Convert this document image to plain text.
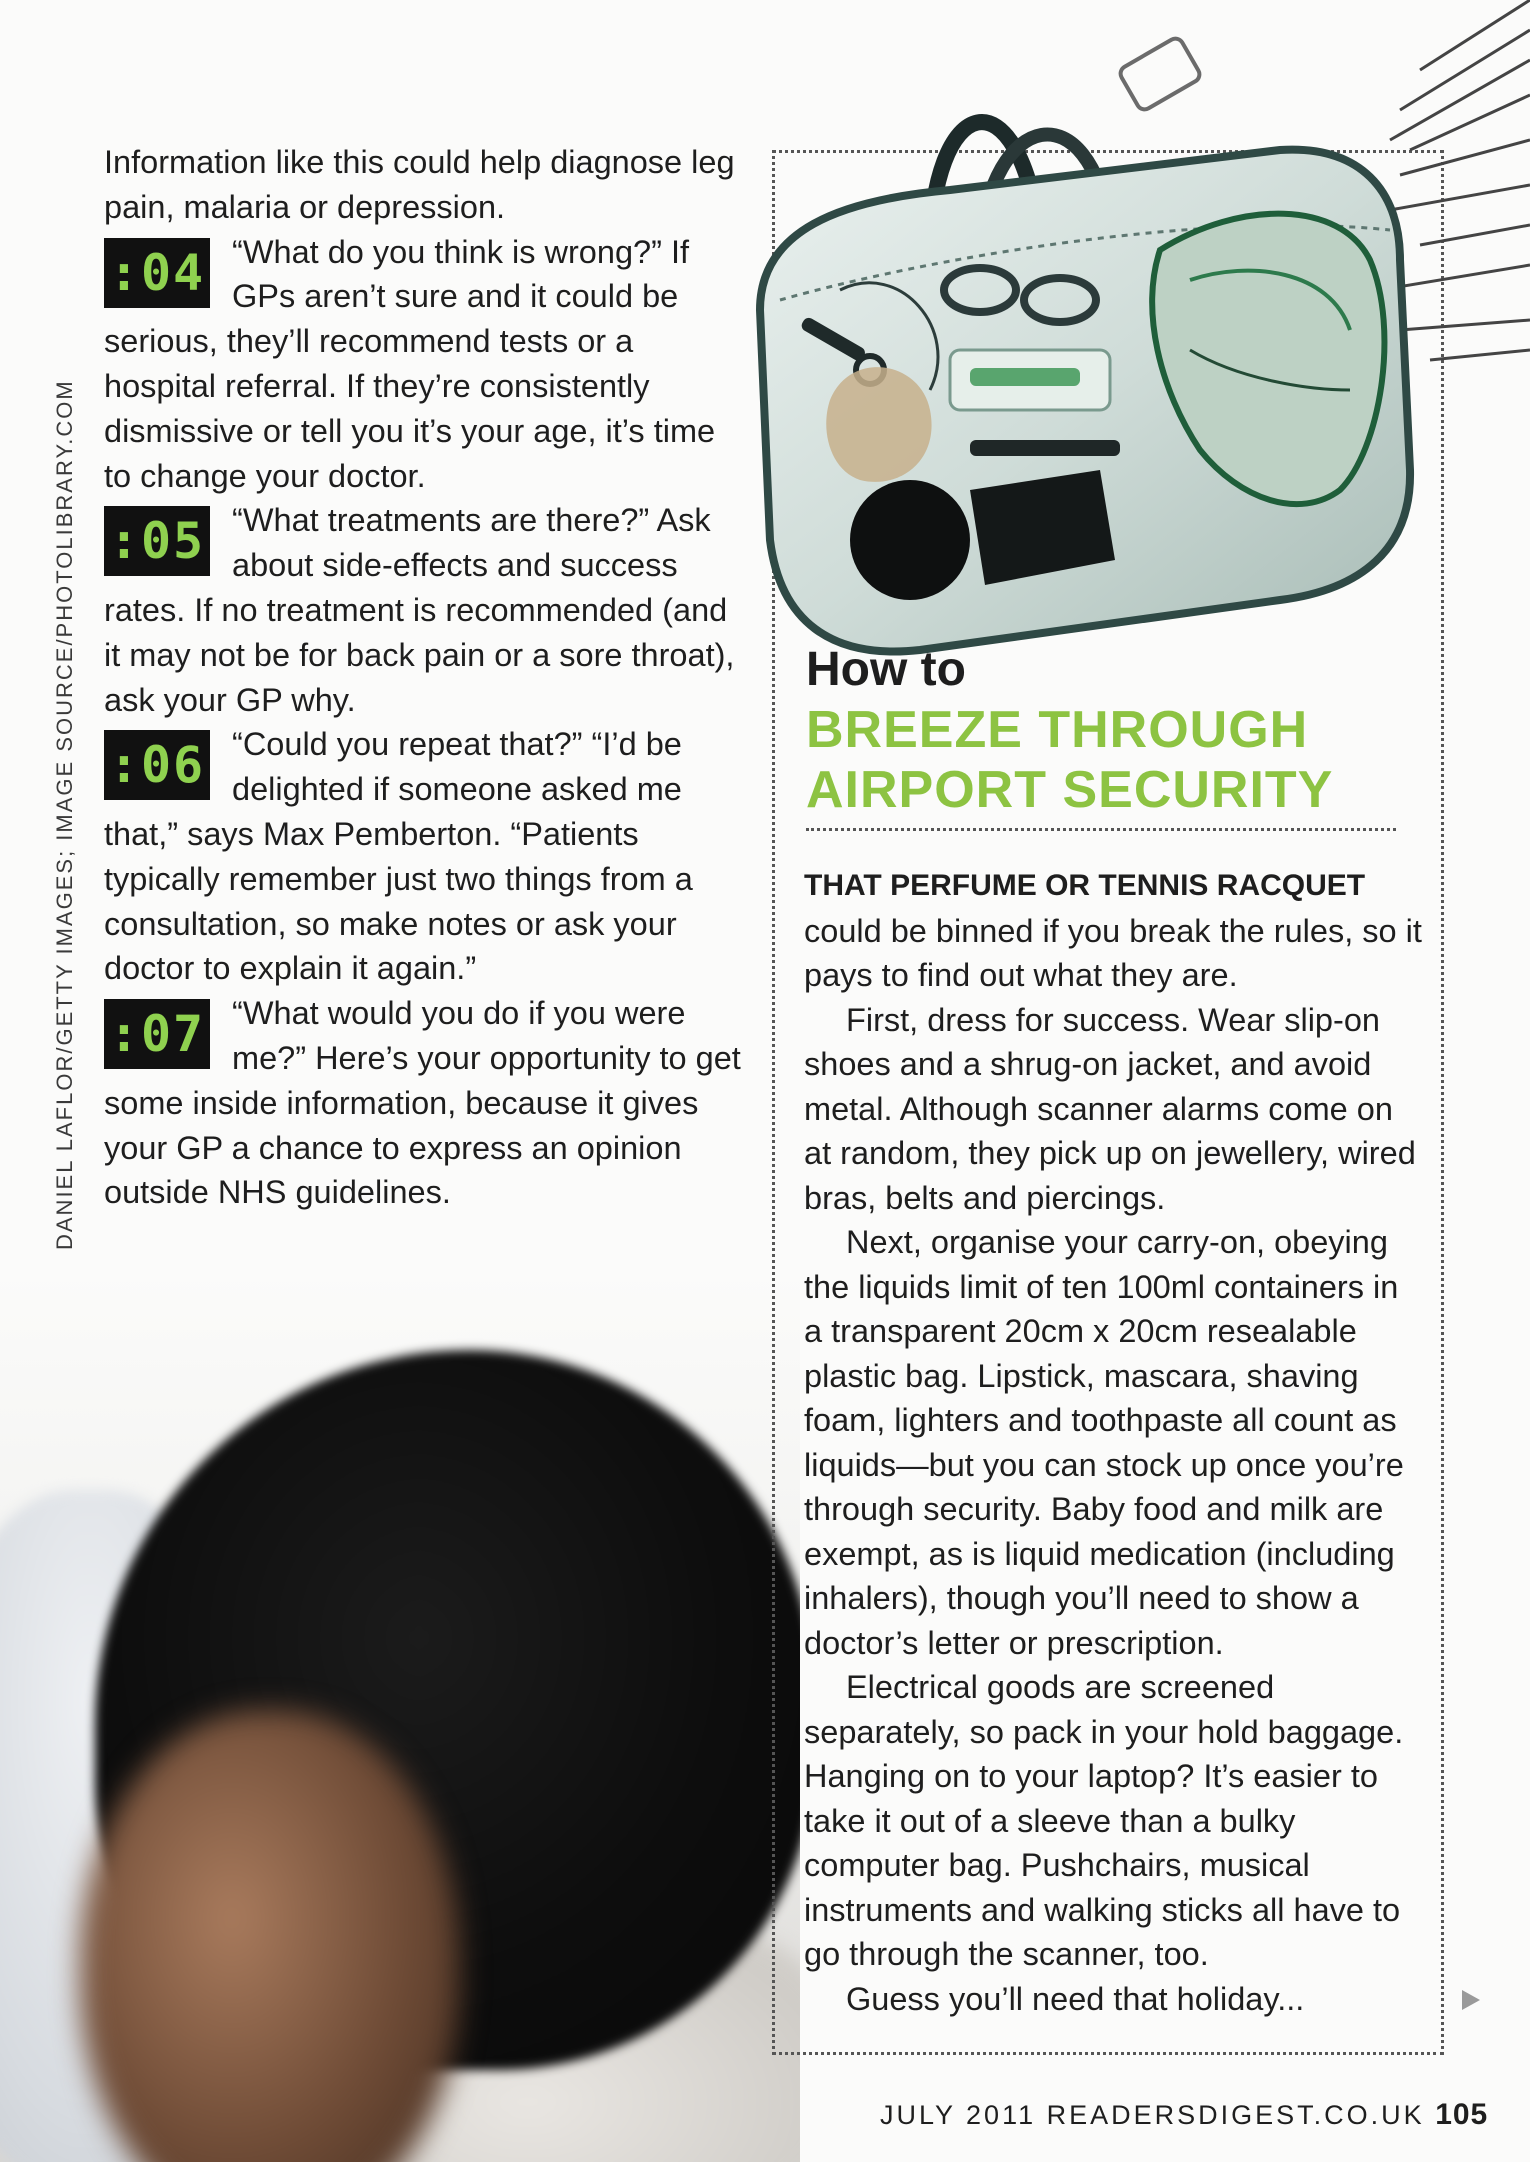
DANIEL LAFLOR/GETTY IMAGES; IMAGE SOURCE/PHOTOLIBRARY.COM

Information like this could help diagnose leg pain, malaria or depression.

:04 “What do you think is wrong?” If GPs aren’t sure and it could be serious, they’ll recommend tests or a hospital referral. If they’re consistently dismissive or tell you it’s your age, it’s time to change your doctor.

:05 “What treatments are there?” Ask about side-effects and success rates. If no treatment is recommended (and it may not be for back pain or a sore throat), ask your GP why.

:06 “Could you repeat that?” “I’d be delighted if someone asked me that,” says Max Pemberton. “Patients typically remember just two things from a consultation, so make notes or ask your doctor to explain it again.”

:07 “What would you do if you were me?” Here’s your opportunity to get some inside information, because it gives your GP a chance to express an opinion outside NHS guidelines.

How to
BREEZE THROUGH
AIRPORT SECURITY

THAT PERFUME OR TENNIS RACQUET

could be binned if you break the rules, so it pays to find out what they are.

First, dress for success. Wear slip-on shoes and a shrug-on jacket, and avoid metal. Although scanner alarms come on at random, they pick up on jewellery, wired bras, belts and piercings.

Next, organise your carry-on, obeying the liquids limit of ten 100ml containers in a transparent 20cm x 20cm resealable plastic bag. Lipstick, mascara, shaving foam, lighters and toothpaste all count as liquids—but you can stock up once you’re through security. Baby food and milk are exempt, as is liquid medication (including inhalers), though you’ll need to show a doctor’s letter or prescription.

Electrical goods are screened separately, so pack in your hold baggage. Hanging on to your laptop? It’s easier to take it out of a sleeve than a bulky computer bag. Pushchairs, musical instruments and walking sticks all have to go through the scanner, too.

Guess you’ll need that holiday...

JULY 2011 READERSDIGEST.CO.UK 105
